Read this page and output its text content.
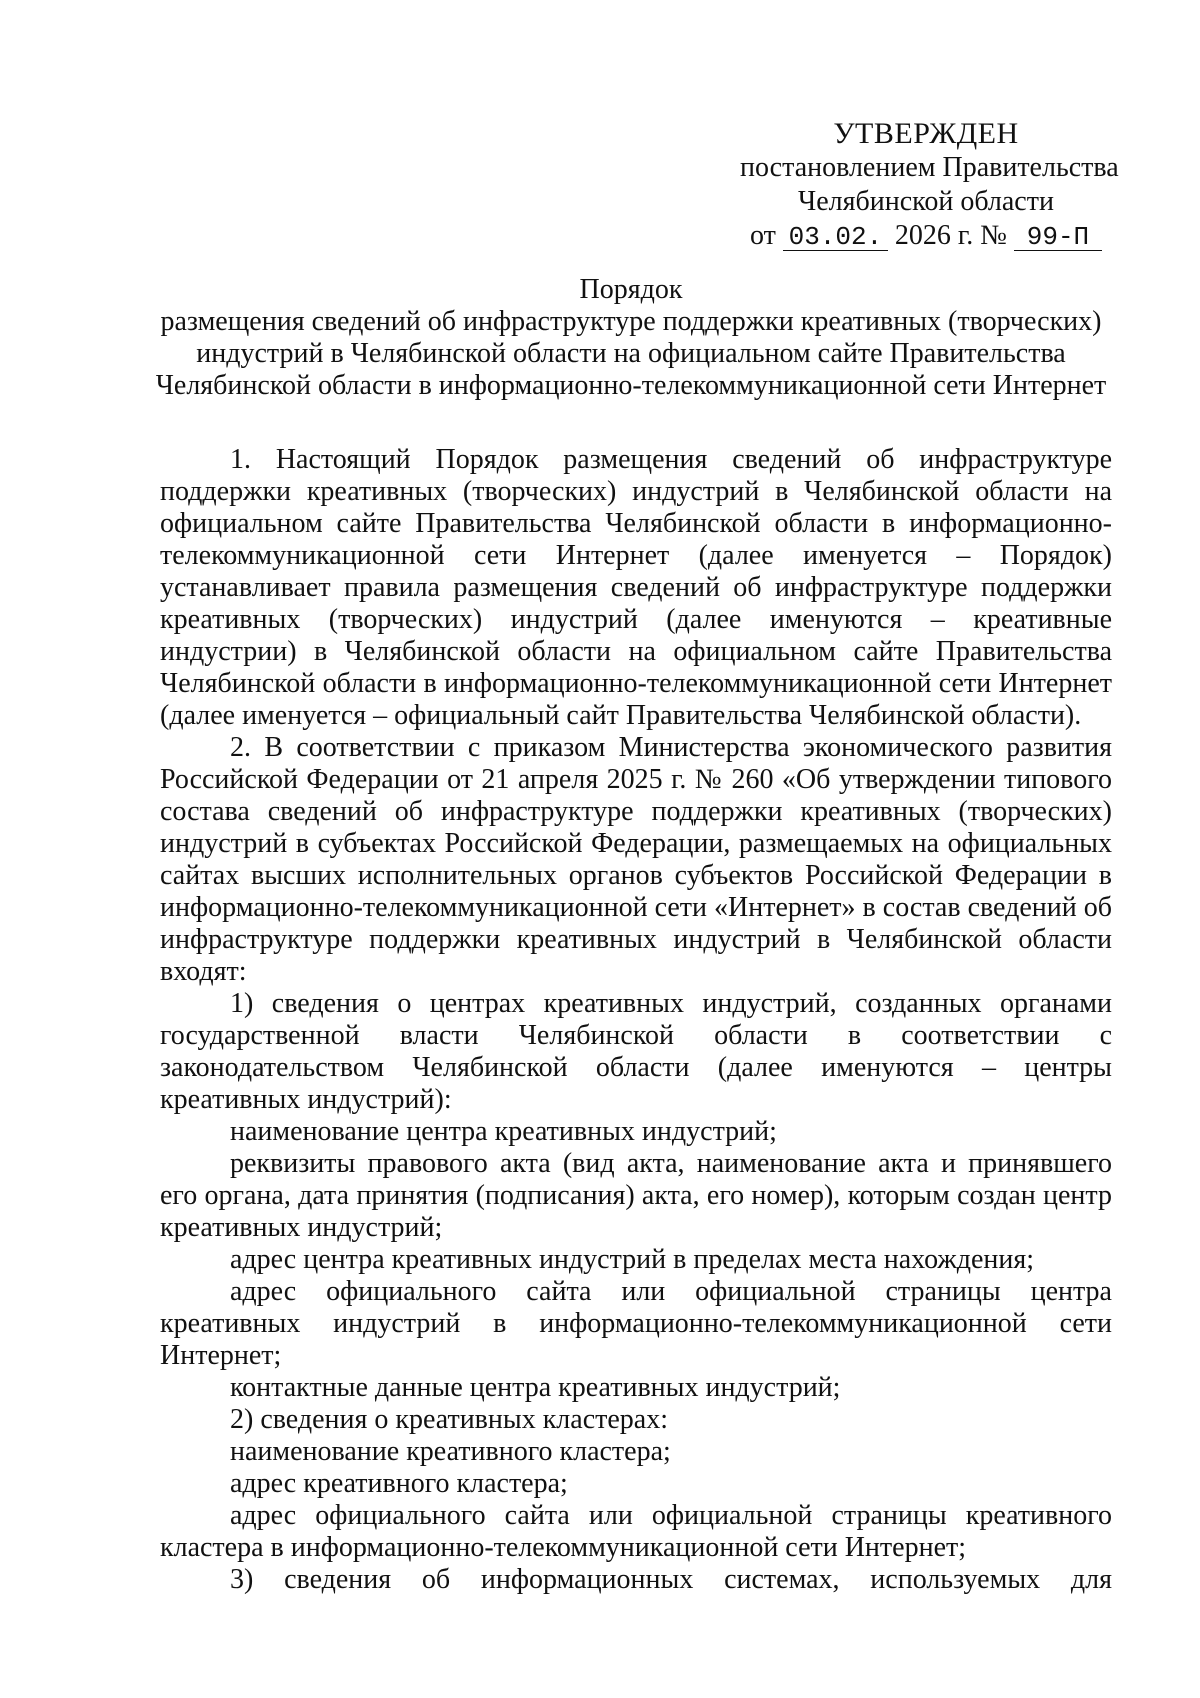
УТВЕРЖДЕН
постановлением Правительства
Челябинской области
от 03.02. 2026 г. № 99-П
Порядок
размещения сведений об инфраструктуре поддержки креативных (творческих)
индустрий в Челябинской области на официальном сайте Правительства
Челябинской области в информационно-телекоммуникационной сети Интернет

1. Настоящий Порядок размещения сведений об инфраструктуре поддержки креативных (творческих) индустрий в Челябинской области на официальном сайте Правительства Челябинской области в информационно-телекоммуникационной сети Интернет (далее именуется – Порядок) устанавливает правила размещения сведений об инфраструктуре поддержки креативных (творческих) индустрий (далее именуются – креативные индустрии) в Челябинской области на официальном сайте Правительства Челябинской области в информационно-телекоммуникационной сети Интернет (далее именуется – официальный сайт Правительства Челябинской области).

2. В соответствии с приказом Министерства экономического развития Российской Федерации от 21 апреля 2025 г. № 260 «Об утверждении типового состава сведений об инфраструктуре поддержки креативных (творческих) индустрий в субъектах Российской Федерации, размещаемых на официальных сайтах высших исполнительных органов субъектов Российской Федерации в информационно-телекоммуникационной сети «Интернет» в состав сведений об инфраструктуре поддержки креативных индустрий в Челябинской области входят:

1) сведения о центрах креативных индустрий, созданных органами государственной власти Челябинской области в соответствии с законодательством Челябинской области (далее именуются – центры креативных индустрий):

наименование центра креативных индустрий;

реквизиты правового акта (вид акта, наименование акта и принявшего его органа, дата принятия (подписания) акта, его номер), которым создан центр креативных индустрий;

адрес центра креативных индустрий в пределах места нахождения;

адрес официального сайта или официальной страницы центра креативных индустрий в информационно-телекоммуникационной сети Интернет;

контактные данные центра креативных индустрий;

2) сведения о креативных кластерах:

наименование креативного кластера;

адрес креативного кластера;

адрес официального сайта или официальной страницы креативного кластера в информационно-телекоммуникационной сети Интернет;

3) сведения об информационных системах, используемых для
